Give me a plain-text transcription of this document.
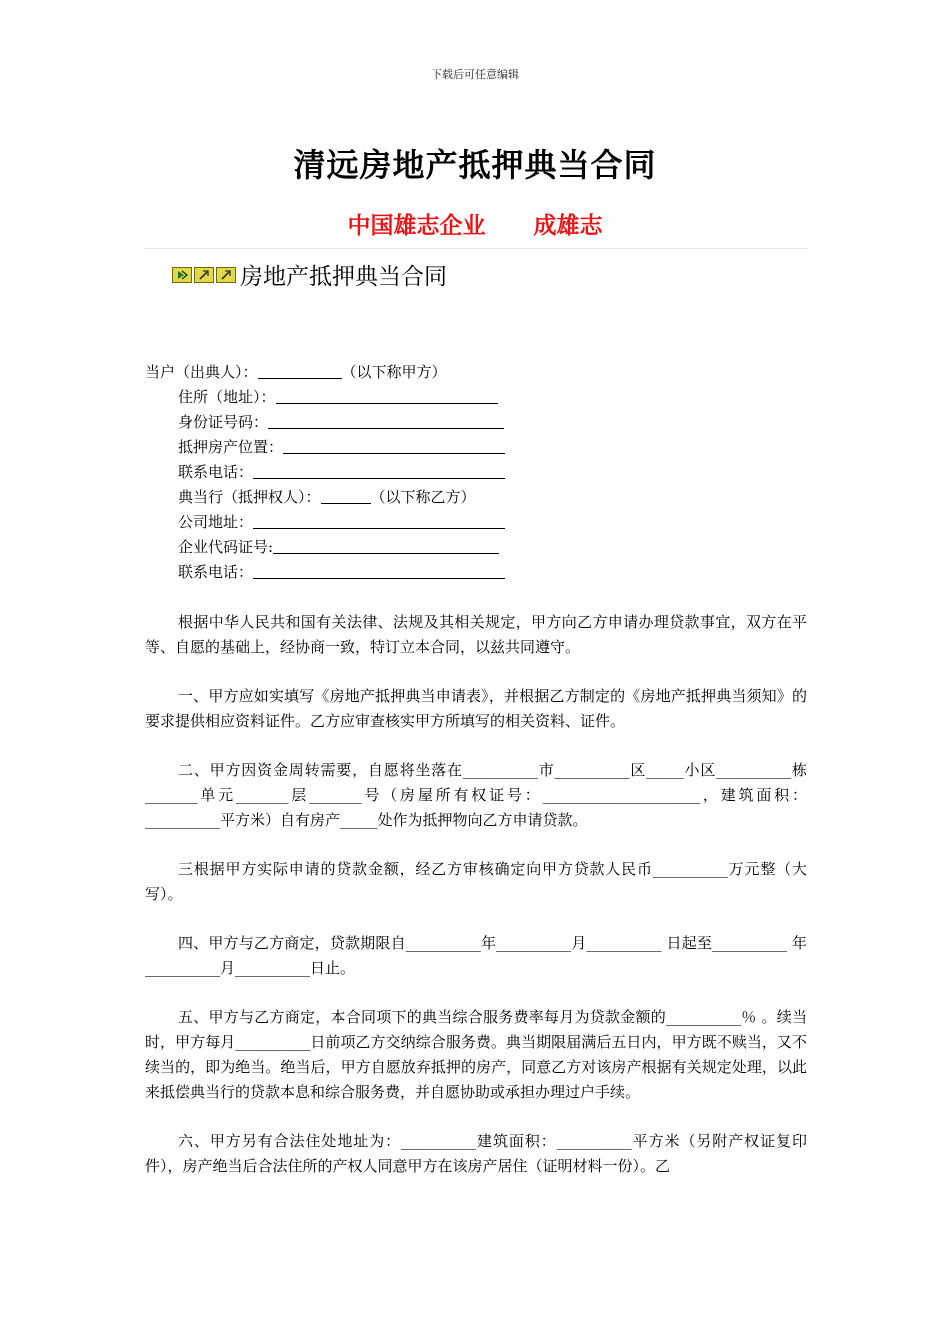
下载后可任意编辑
清远房地产抵押典当合同
中国雄志企业 成雄志
房地产抵押典当合同
当户（出典人）：	（以下称甲方）
住所（地址）：
身份证号码：
抵押房产位置：
联系电话：
典当行（抵押权人）：	（以下称乙方）
公司地址：
企业代码证号:
联系电话：
根据中华人民共和国有关法律、法规及其相关规定，甲方向乙方申请办理贷款事宜，双方在平等、自愿的基础上，经协商一致，特订立本合同，以兹共同遵守。
一、甲方应如实填写《房地产抵押典当申请表》，并根据乙方制定的《房地产抵押典当须知》的要求提供相应资料证件。乙方应审查核实甲方所填写的相关资料、证件。
二、甲方因资金周转需要，自愿将坐落在__________市__________区_____小区__________栋_______单元_______层_______号（房屋所有权证号：_____________________，建筑面积：__________平方米）自有房产_____处作为抵押物向乙方申请贷款。
三根据甲方实际申请的贷款金额，经乙方审核确定向甲方贷款人民币__________万元整（大写）。
四、甲方与乙方商定，贷款期限自__________年__________月__________ 日起至__________ 年__________月__________日止。
五、甲方与乙方商定，本合同项下的典当综合服务费率每月为贷款金额的__________％ 。续当时，甲方每月__________日前项乙方交纳综合服务费。典当期限届满后五日内，甲方既不赎当，又不续当的，即为绝当。绝当后，甲方自愿放弃抵押的房产，同意乙方对该房产根据有关规定处理，以此来抵偿典当行的贷款本息和综合服务费，并自愿协助或承担办理过户手续。
六、甲方另有合法住处地址为：__________建筑面积：__________平方米（另附产权证复印件），房产绝当后合法住所的产权人同意甲方在该房产居住（证明材料一份）。乙
